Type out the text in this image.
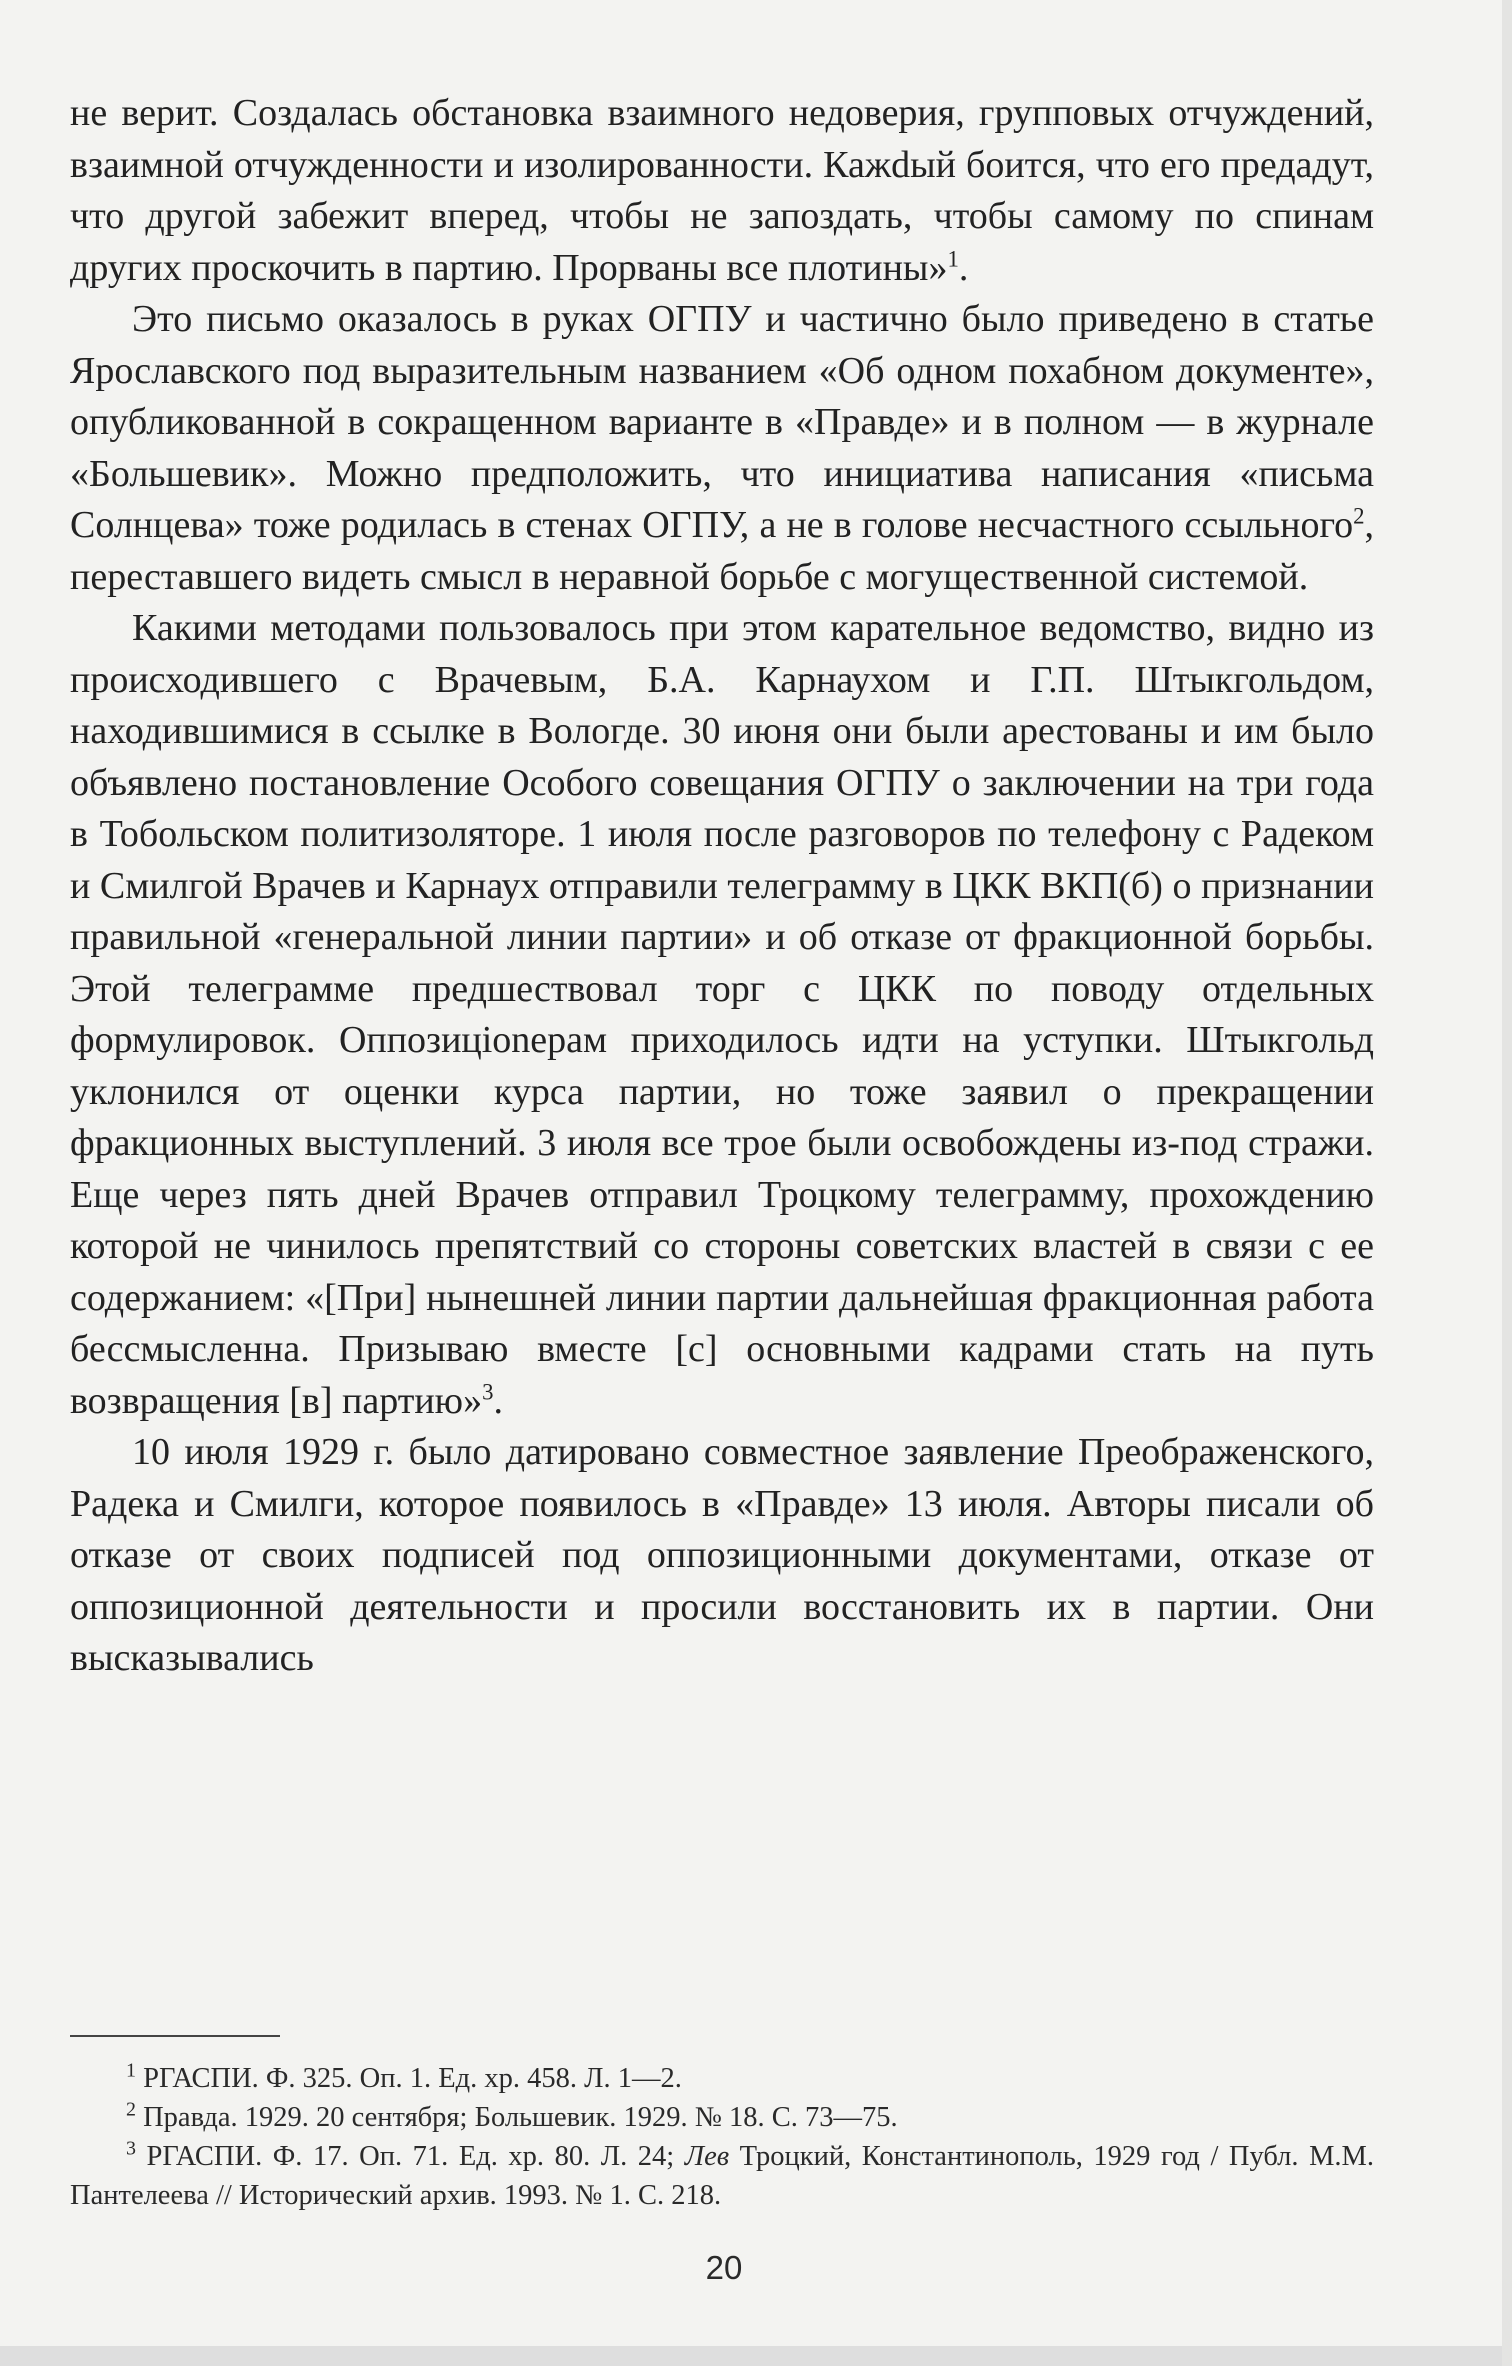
не верит. Создалась обстановка взаимного недоверия, групповых отчуждений, взаимной отчужденности и изолированности. Кажdый боится, что его предадут, что другой забежит вперед, чтобы не запоздать, чтобы самому по спинам других проскочить в партию. Прорваны все плотины»$^1$.

Это письмо оказалось в руках ОГПУ и частично было приведено в статье Ярославского под выразительным названием «Об одном похабном документе», опубликованной в сокращенном варианте в «Правде» и в полном — в журнале «Большевик». Можно предположить, что инициатива написания «письма Солнцева» тоже родилась в стенах ОГПУ, а не в голове несчастного ссыльного$^2$, переставшего видеть смысл в неравной борьбе с могущественной системой.

Какими методами пользовалось при этом карательное ведомство, видно из происходившего с Врачевым, Б.А. Карнаухом и Г.П. Штыкгольдом, находившимися в ссылке в Вологде. 30 июня они были арестованы и им было объявлено постановление Особого совещания ОГПУ о заключении на три года в Тобольском политизоляторе. 1 июля после разговоров по телефону с Радеком и Смилгой Врачев и Карнаух отправили телеграмму в ЦКК ВКП(б) о признании правильной «генеральной линии партии» и об отказе от фракционной борьбы. Этой телеграмме предшествовал торг с ЦКК по поводу отдельных формулировок. Оппозицioneрам приходилось идти на уступки. Штыкгольд уклонился от оценки курса партии, но тоже заявил о прекращении фракционных выступлений. 3 июля все трое были освобождены из-под стражи. Еще через пять дней Врачев отправил Троцкому телеграмму, прохождению которой не чинилось препятствий со стороны советских властей в связи с ее содержанием: «[При] нынешней линии партии дальнейшая фракционная работа бессмысленна. Призываю вместе [с] основными кадрами стать на путь возвращения [в] партию»$^3$.

10 июля 1929 г. было датировано совместное заявление Преображенского, Радека и Смилги, которое появилось в «Правде» 13 июля. Авторы писали об отказе от своих подписей под оппозиционными документами, отказе от оппозиционной деятельности и просили восстановить их в партии. Они высказывались

$^1$ РГАСПИ. Ф. 325. Оп. 1. Ед. хр. 458. Л. 1—2.

$^2$ Правда. 1929. 20 сентября; Большевик. 1929. № 18. С. 73—75.

$^3$ РГАСПИ. Ф. 17. Оп. 71. Ед. хр. 80. Л. 24; Лев Троцкий, Константинополь, 1929 год / Публ. М.М. Пантелеева // Исторический архив. 1993. № 1. С. 218.

20
